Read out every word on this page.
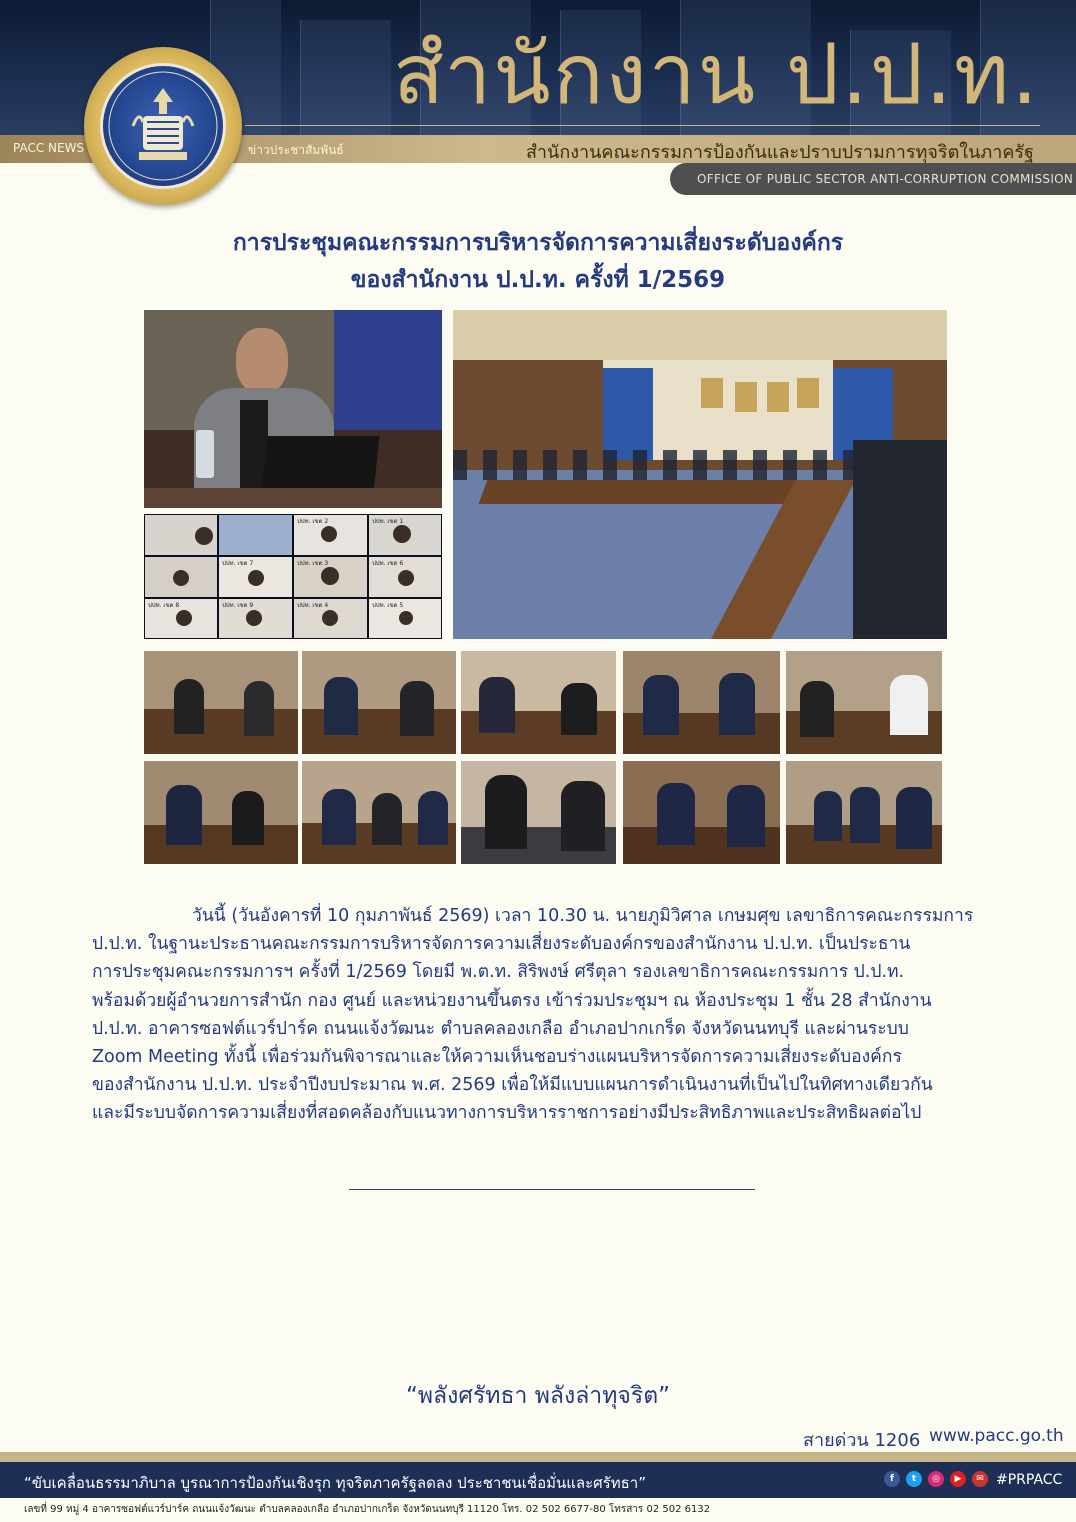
สำนักงาน ป.ป.ท.
PACC NEWS	ข่าวประชาสัมพันธ์	สำนักงานคณะกรรมการป้องกันและปราบปรามการทุจริตในภาครัฐ
OFFICE OF PUBLIC SECTOR ANTI-CORRUPTION COMMISSION
การประชุมคณะกรรมการบริหารจัดการความเสี่ยงระดับองค์กร
ของสำนักงาน ป.ป.ท. ครั้งที่ 1/2569
ปปท. เขต 2	ปปท. เขต 1
ปปท. เขต 7	ปปท. เขต 3	ปปท. เขต 6
ปปท. เขต 8	ปปท. เขต 9	ปปท. เขต 4	ปปท. เขต 5
วันนี้ (วันอังคารที่ 10 กุมภาพันธ์ 2569) เวลา 10.30 น. นายภูมิวิศาล เกษมศุข เลขาธิการคณะกรรมการ
ป.ป.ท. ในฐานะประธานคณะกรรมการบริหารจัดการความเสี่ยงระดับองค์กรของสำนักงาน ป.ป.ท. เป็นประธาน
การประชุมคณะกรรมการฯ ครั้งที่ 1/2569 โดยมี พ.ต.ท. สิริพงษ์ ศรีตุลา รองเลขาธิการคณะกรรมการ ป.ป.ท.
พร้อมด้วยผู้อำนวยการสำนัก กอง ศูนย์ และหน่วยงานขึ้นตรง เข้าร่วมประชุมฯ ณ ห้องประชุม 1 ชั้น 28 สำนักงาน
ป.ป.ท. อาคารซอฟต์แวร์ปาร์ค ถนนแจ้งวัฒนะ ตำบลคลองเกลือ อำเภอปากเกร็ด จังหวัดนนทบุรี และผ่านระบบ
Zoom Meeting ทั้งนี้ เพื่อร่วมกันพิจารณาและให้ความเห็นชอบร่างแผนบริหารจัดการความเสี่ยงระดับองค์กร
ของสำนักงาน ป.ป.ท. ประจำปีงบประมาณ พ.ศ. 2569 เพื่อให้มีแบบแผนการดำเนินงานที่เป็นไปในทิศทางเดียวกัน
และมีระบบจัดการความเสี่ยงที่สอดคล้องกับแนวทางการบริหารราชการอย่างมีประสิทธิภาพและประสิทธิผลต่อไป
“พลังศรัทธา พลังล่าทุจริต”
สายด่วน 1206 www.pacc.go.th
“ขับเคลื่อนธรรมาภิบาล บูรณาการป้องกันเชิงรุก ทุจริตภาครัฐลดลง ประชาชนเชื่อมั่นและศรัทธา”	f	t	◎	▶	✉ #PRPACC
เลขที่ 99 หมู่ 4 อาคารซอฟต์แวร์ปาร์ค ถนนแจ้งวัฒนะ ตำบลคลองเกลือ อำเภอปากเกร็ด จังหวัดนนทบุรี 11120 โทร. 02 502 6677-80 โทรสาร 02 502 6132
